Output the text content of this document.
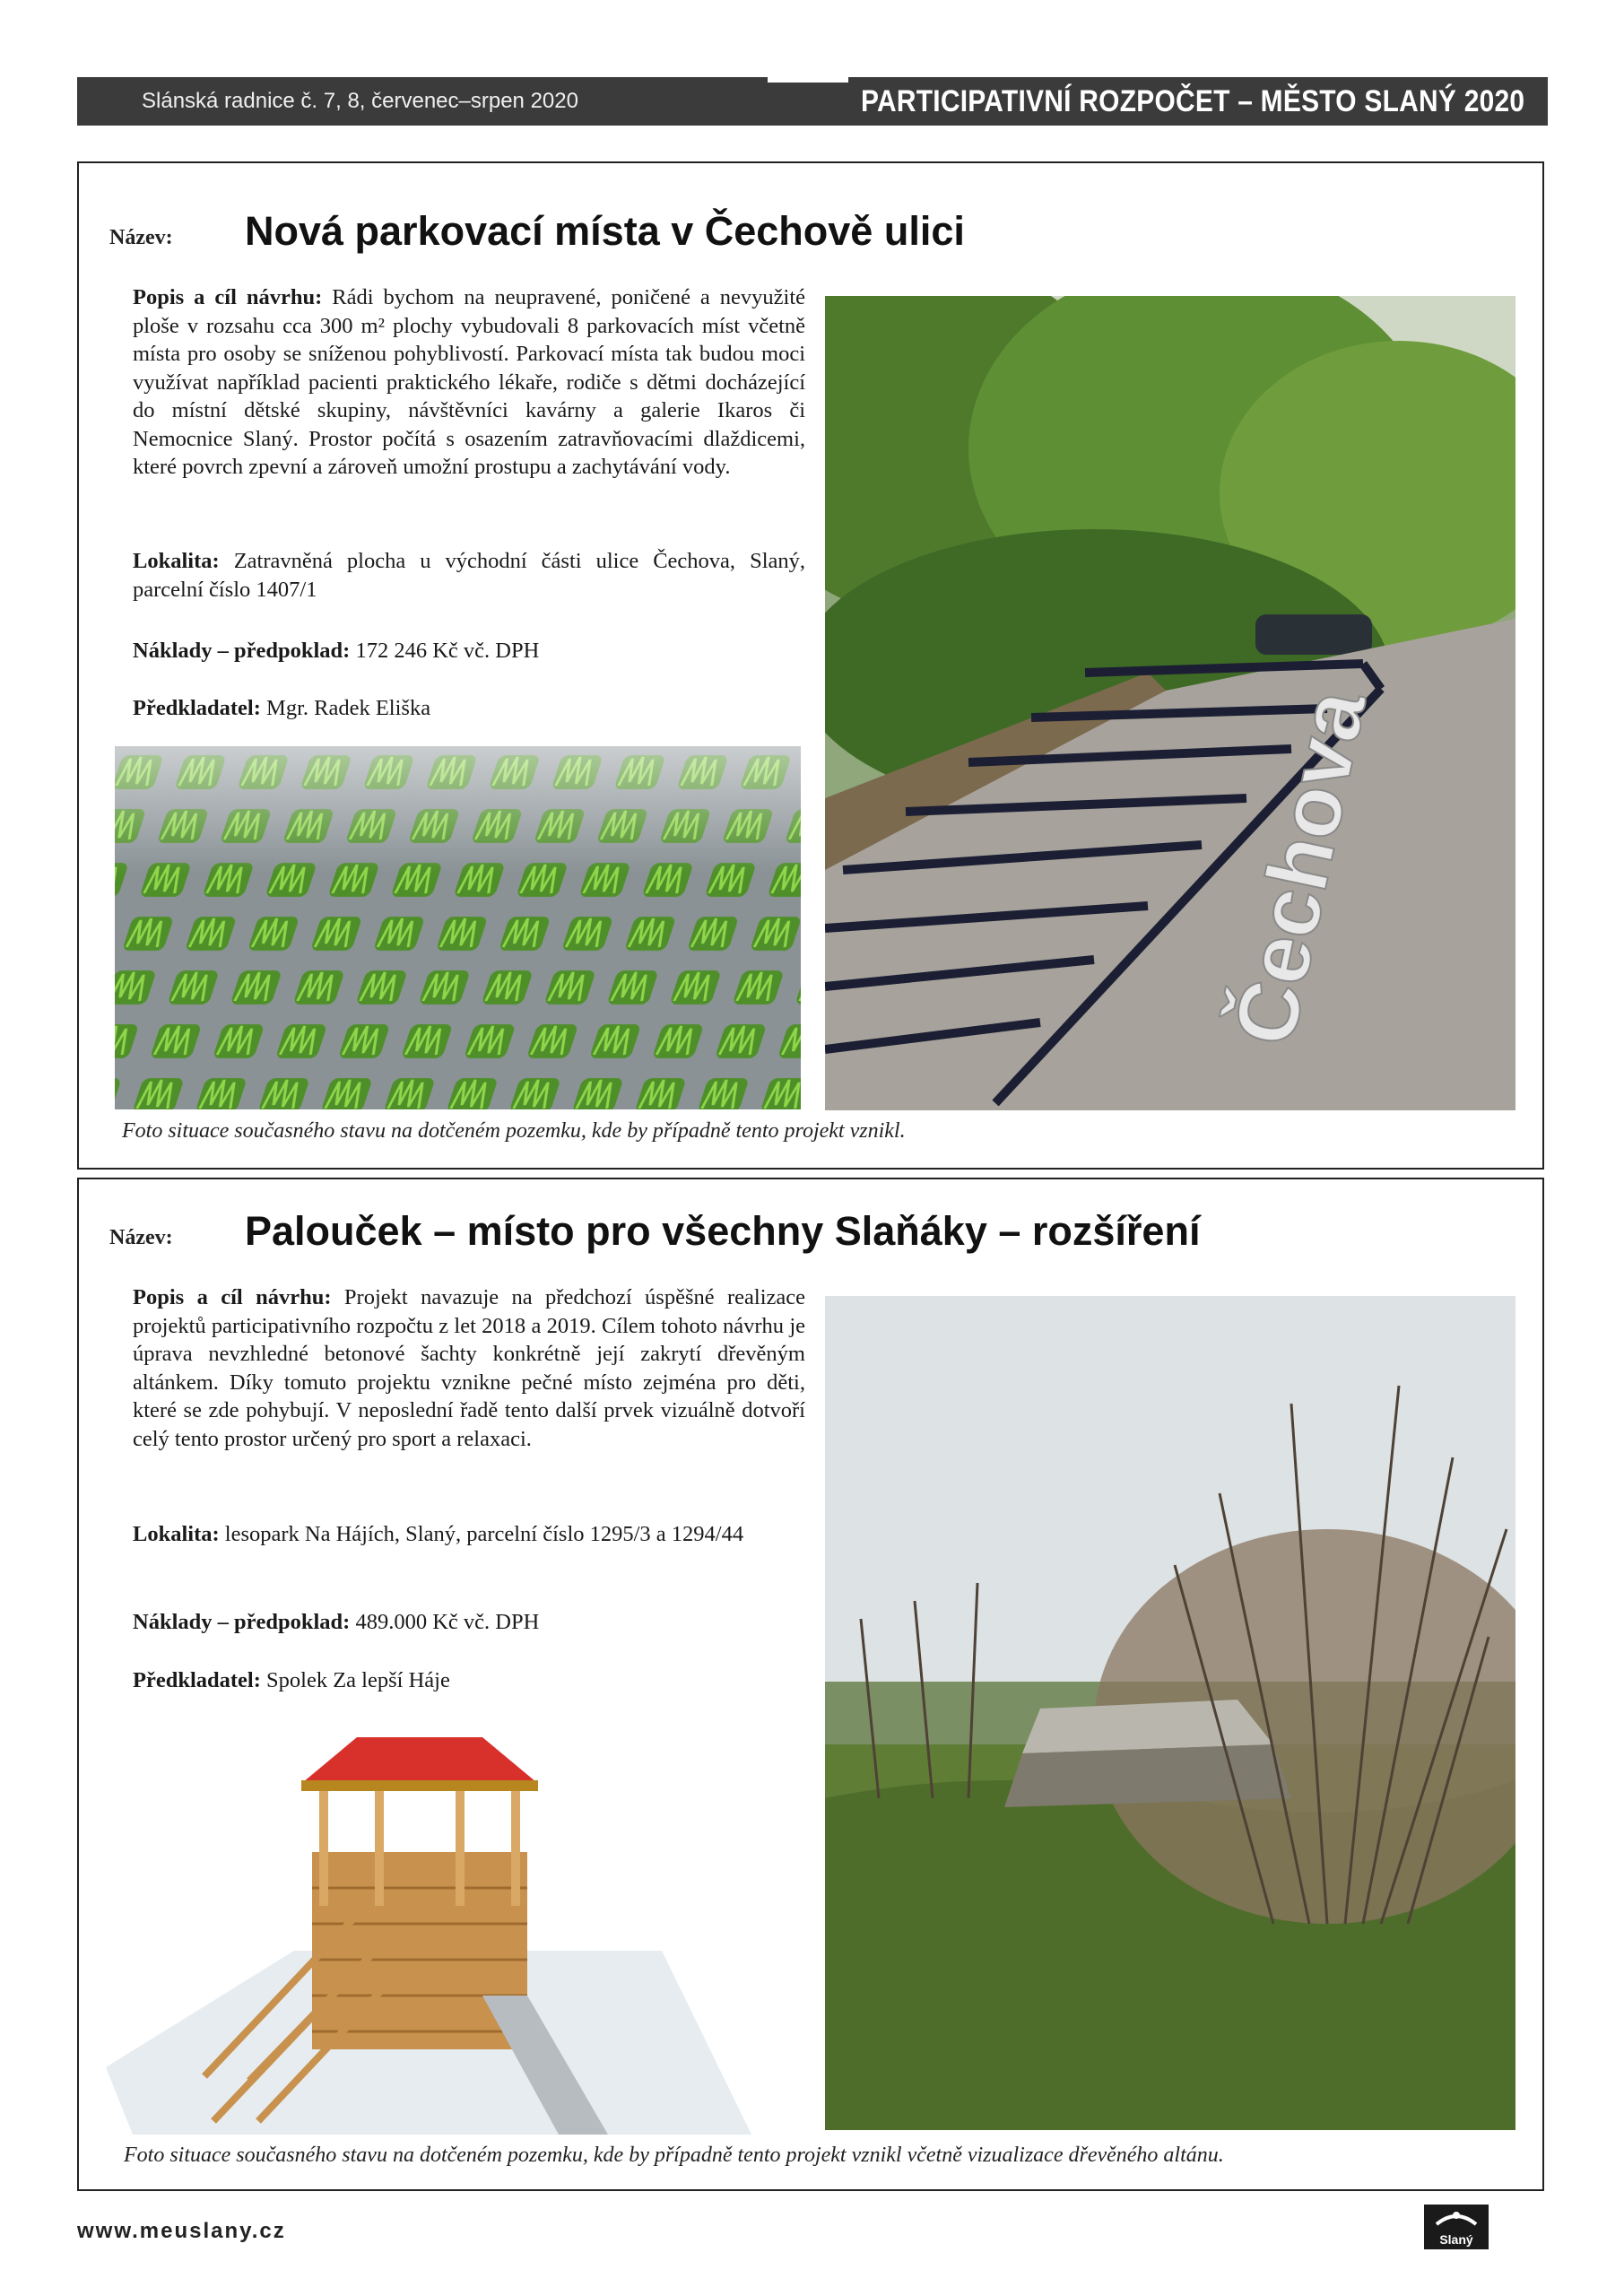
Slánská radnice č. 7, 8, červenec–srpen 2020	PARTICIPATIVNÍ ROZPOČET – MĚSTO SLANÝ 2020
Název: Nová parkovací místa v Čechově ulici

Popis a cíl návrhu: Rádi bychom na neupravené, poničené a nevyužité ploše v rozsahu cca 300 m² plochy vybudovali 8 parkovacích míst včetně místa pro osoby se sníženou pohyblivostí. Parkovací místa tak budou moci využívat například pacienti praktického lékaře, rodiče s dětmi docházející do místní dětské skupiny, návštěvníci kavárny a galerie Ikaros či Nemocnice Slaný. Prostor počítá s osazením zatravňovacími dlaždicemi, které povrch zpevní a zároveň umožní prostupu a zachytávání vody.

Lokalita: Zatravněná plocha u východní části ulice Čechova, Slaný, parcelní číslo 1407/1

Náklady – předpoklad: 172 246 Kč vč. DPH

Předkladatel: Mgr. Radek Eliška	Čechova
Foto situace současného stavu na dotčeném pozemku, kde by případně tento projekt vznikl.
Název: Palouček – místo pro všechny Slaňáky – rozšíření

Popis a cíl návrhu: Projekt navazuje na předchozí úspěšné realizace projektů participativního rozpočtu z let 2018 a 2019. Cílem tohoto návrhu je úprava nevzhledné betonové šachty konkrétně její zakrytí dřevěným altánkem. Díky tomuto projektu vznikne pečné místo zejména pro děti, které se zde pohybují. V neposlední řadě tento další prvek vizuálně dotvoří celý tento prostor určený pro sport a relaxaci.

Lokalita: lesopark Na Hájích, Slaný, parcelní číslo 1295/3 a 1294/44

Náklady – předpoklad: 489.000 Kč vč. DPH

Předkladatel: Spolek Za lepší Háje

Foto situace současného stavu na dotčeném pozemku, kde by případně tento projekt vznikl včetně vizualizace dřevěného altánu.
www.meuslany.cz	Slaný
